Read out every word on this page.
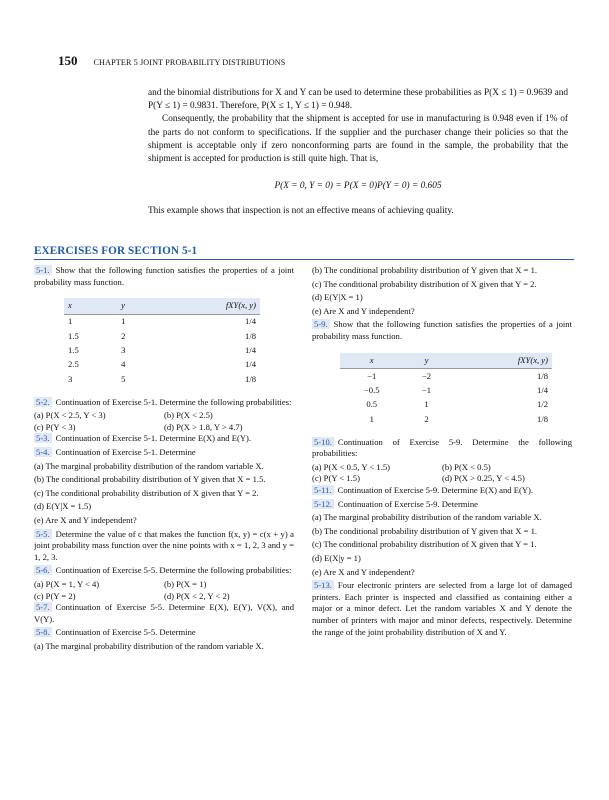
150 CHAPTER 5 JOINT PROBABILITY DISTRIBUTIONS

and the binomial distributions for X and Y can be used to determine these probabilities as P(X ≤ 1) = 0.9639 and P(Y ≤ 1) = 0.9831. Therefore, P(X ≤ 1, Y ≤ 1) = 0.948.

Consequently, the probability that the shipment is accepted for use in manufacturing is 0.948 even if 1% of the parts do not conform to specifications. If the supplier and the purchaser change their policies so that the shipment is acceptable only if zero nonconforming parts are found in the sample, the probability that the shipment is accepted for production is still quite high. That is,

P(X = 0, Y = 0) = P(X = 0)P(Y = 0) = 0.605

This example shows that inspection is not an effective means of achieving quality.

EXERCISES FOR SECTION 5-1

5-1. Show that the following function satisfies the properties of a joint probability mass function.

x	y	fXY(x, y)
1	1	1/4
1.5	2	1/8
1.5	3	1/4
2.5	4	1/4
3	5	1/8

5-2. Continuation of Exercise 5-1. Determine the following probabilities:

(a) P(X < 2.5, Y < 3)	(b) P(X < 2.5)
(c) P(Y < 3)	(d) P(X > 1.8, Y > 4.7)

5-3. Continuation of Exercise 5-1. Determine E(X) and E(Y).

5-4. Continuation of Exercise 5-1. Determine

(a) The marginal probability distribution of the random variable X.

(b) The conditional probability distribution of Y given that X = 1.5.

(c) The conditional probability distribution of X given that Y = 2.

(d) E(Y|X = 1.5)

(e) Are X and Y independent?

5-5. Determine the value of c that makes the function f(x, y) = c(x + y) a joint probability mass function over the nine points with x = 1, 2, 3 and y = 1, 2, 3.

5-6. Continuation of Exercise 5-5. Determine the following probabilities:

(a) P(X = 1, Y < 4)	(b) P(X = 1)
(c) P(Y = 2)	(d) P(X < 2, Y < 2)

5-7. Continuation of Exercise 5-5. Determine E(X), E(Y), V(X), and V(Y).

5-8. Continuation of Exercise 5-5. Determine

(a) The marginal probability distribution of the random variable X.

(b) The conditional probability distribution of Y given that X = 1.

(c) The conditional probability distribution of X given that Y = 2.

(d) E(Y|X = 1)

(e) Are X and Y independent?

5-9. Show that the following function satisfies the properties of a joint probability mass function.

x	y	fXY(x, y)
−1	−2	1/8
−0.5	−1	1/4
0.5	1	1/2
1	2	1/8

5-10. Continuation of Exercise 5-9. Determine the following probabilities:

(a) P(X < 0.5, Y < 1.5)	(b) P(X < 0.5)
(c) P(Y < 1.5)	(d) P(X > 0.25, Y < 4.5)

5-11. Continuation of Exercise 5-9. Determine E(X) and E(Y).

5-12. Continuation of Exercise 5-9. Determine

(a) The marginal probability distribution of the random variable X.

(b) The conditional probability distribution of Y given that X = 1.

(c) The conditional probability distribution of X given that Y = 1.

(d) E(X|y = 1)

(e) Are X and Y independent?

5-13. Four electronic printers are selected from a large lot of damaged printers. Each printer is inspected and classified as containing either a major or a minor defect. Let the random variables X and Y denote the number of printers with major and minor defects, respectively. Determine the range of the joint probability distribution of X and Y.
